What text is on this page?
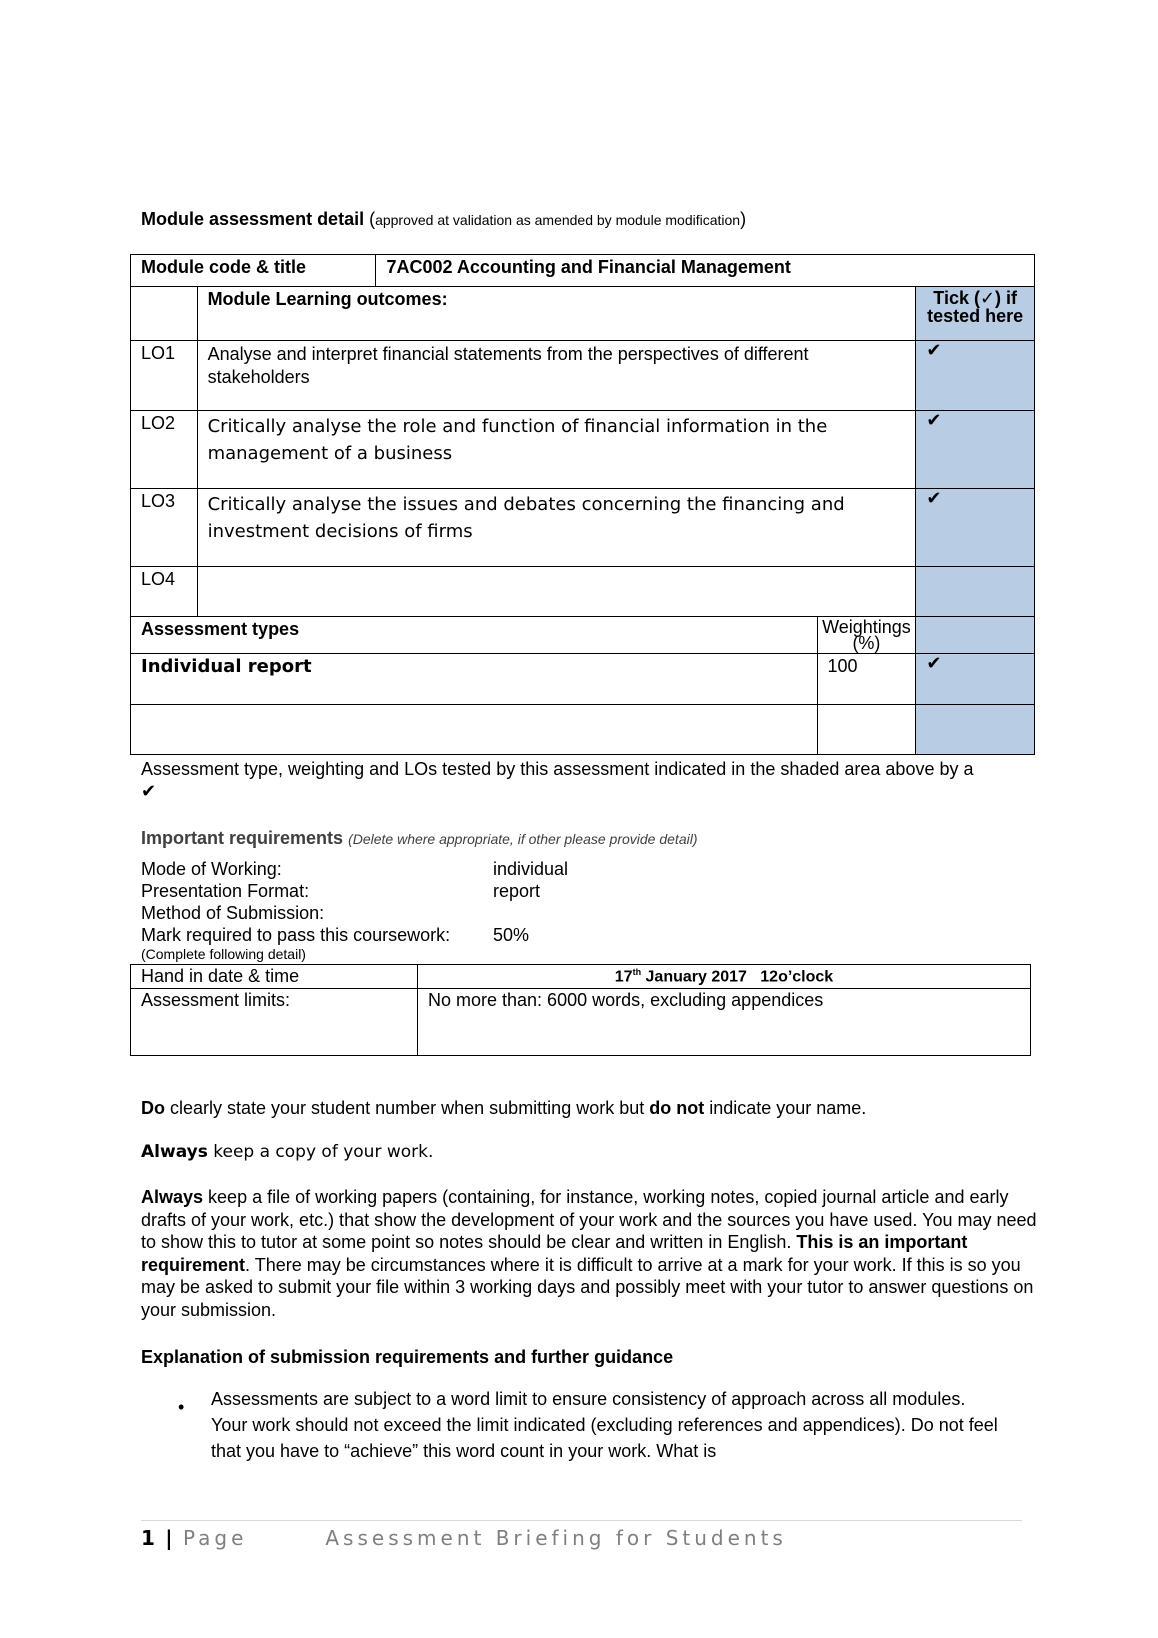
Module assessment detail (approved at validation as amended by module modification)
Module code & title		7AC002 Accounting and Financial Management		
	Module Learning outcomes:			Tick (✓) if tested here
LO1	Analyse and interpret financial statements from the perspectives of different stakeholders			✔
LO2	Critically analyse the role and function of financial information in the management of a business			✔
LO3	Critically analyse the issues and debates concerning the financing and investment decisions of firms			✔
LO4				
Assessment types			Weightings (%)	
Individual report			100	✔

Assessment type, weighting and LOs tested by this assessment indicated in the shaded area above by a
✔
Important requirements (Delete where appropriate, if other please provide detail)
Mode of Working:	individual
Presentation Format:	report
Method of Submission:
Mark required to pass this coursework: 50%
(Complete following detail)
Hand in date & time	17th January 2017   12o’clock
Assessment limits:	No more than: 6000 words, excluding appendices
Do clearly state your student number when submitting work but do not indicate your name.
Always keep a copy of your work.
Always keep a file of working papers (containing, for instance, working notes, copied journal article and early drafts of your work, etc.) that show the development of your work and the sources you have used. You may need to show this to tutor at some point so notes should be clear and written in English. This is an important requirement. There may be circumstances where it is difficult to arrive at a mark for your work. If this is so you may be asked to submit your file within 3 working days and possibly meet with your tutor to answer questions on your submission.
Explanation of submission requirements and further guidance
• Assessments are subject to a word limit to ensure consistency of approach across all modules. Your work should not exceed the limit indicated (excluding references and appendices). Do not feel that you have to “achieve” this word count in your work. What is
1 | Page	Assessment Briefing for Students
